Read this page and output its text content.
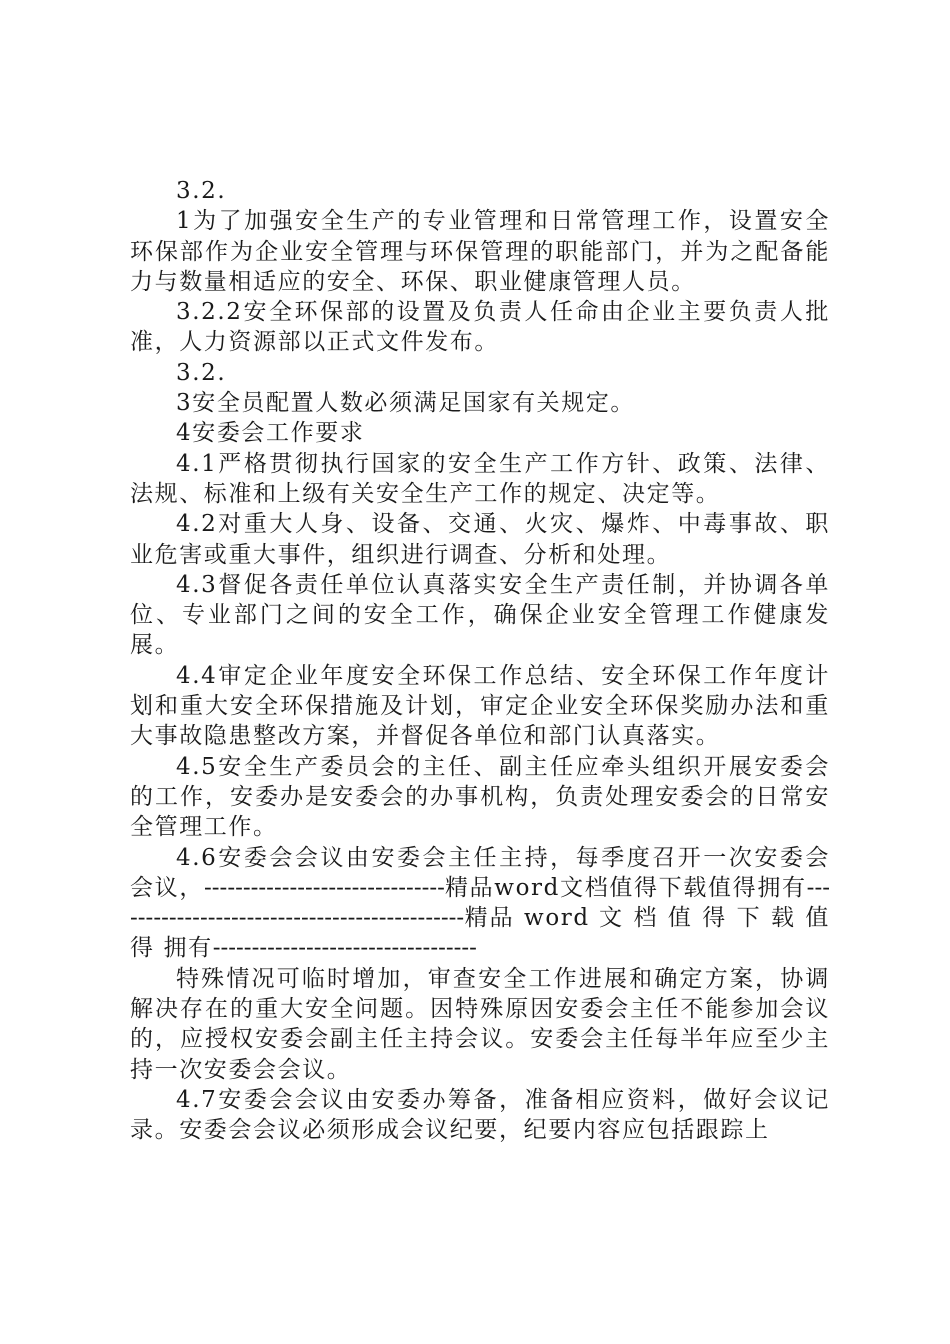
3.2.

1为了加强安全生产的专业管理和日常管理工作，设置安全环保部作为企业安全管理与环保管理的职能部门，并为之配备能力与数量相适应的安全、环保、职业健康管理人员。

3.2.2安全环保部的设置及负责人任命由企业主要负责人批准，人力资源部以正式文件发布。

3.2.

3安全员配置人数必须满足国家有关规定。

4安委会工作要求

4.1严格贯彻执行国家的安全生产工作方针、政策、法律、法规、标准和上级有关安全生产工作的规定、决定等。

4.2对重大人身、设备、交通、火灾、爆炸、中毒事故、职业危害或重大事件，组织进行调查、分析和处理。

4.3督促各责任单位认真落实安全生产责任制，并协调各单位、专业部门之间的安全工作，确保企业安全管理工作健康发展。

4.4审定企业年度安全环保工作总结、安全环保工作年度计划和重大安全环保措施及计划，审定企业安全环保奖励办法和重大事故隐患整改方案，并督促各单位和部门认真落实。

4.5安全生产委员会的主任、副主任应牵头组织开展安委会的工作，安委办是安委会的办事机构，负责处理安委会的日常安全管理工作。

4.6安委会会议由安委会主任主持，每季度召开一次安委会会议，-------------------------------精品word文档值得下载值得拥有----------------------------------------------精品 word 文 档 值 得 下 载 值 得 拥有----------------------------------

特殊情况可临时增加，审查安全工作进展和确定方案，协调解决存在的重大安全问题。因特殊原因安委会主任不能参加会议的，应授权安委会副主任主持会议。安委会主任每半年应至少主持一次安委会会议。

4.7安委会会议由安委办筹备，准备相应资料，做好会议记录。安委会会议必须形成会议纪要，纪要内容应包括跟踪上
